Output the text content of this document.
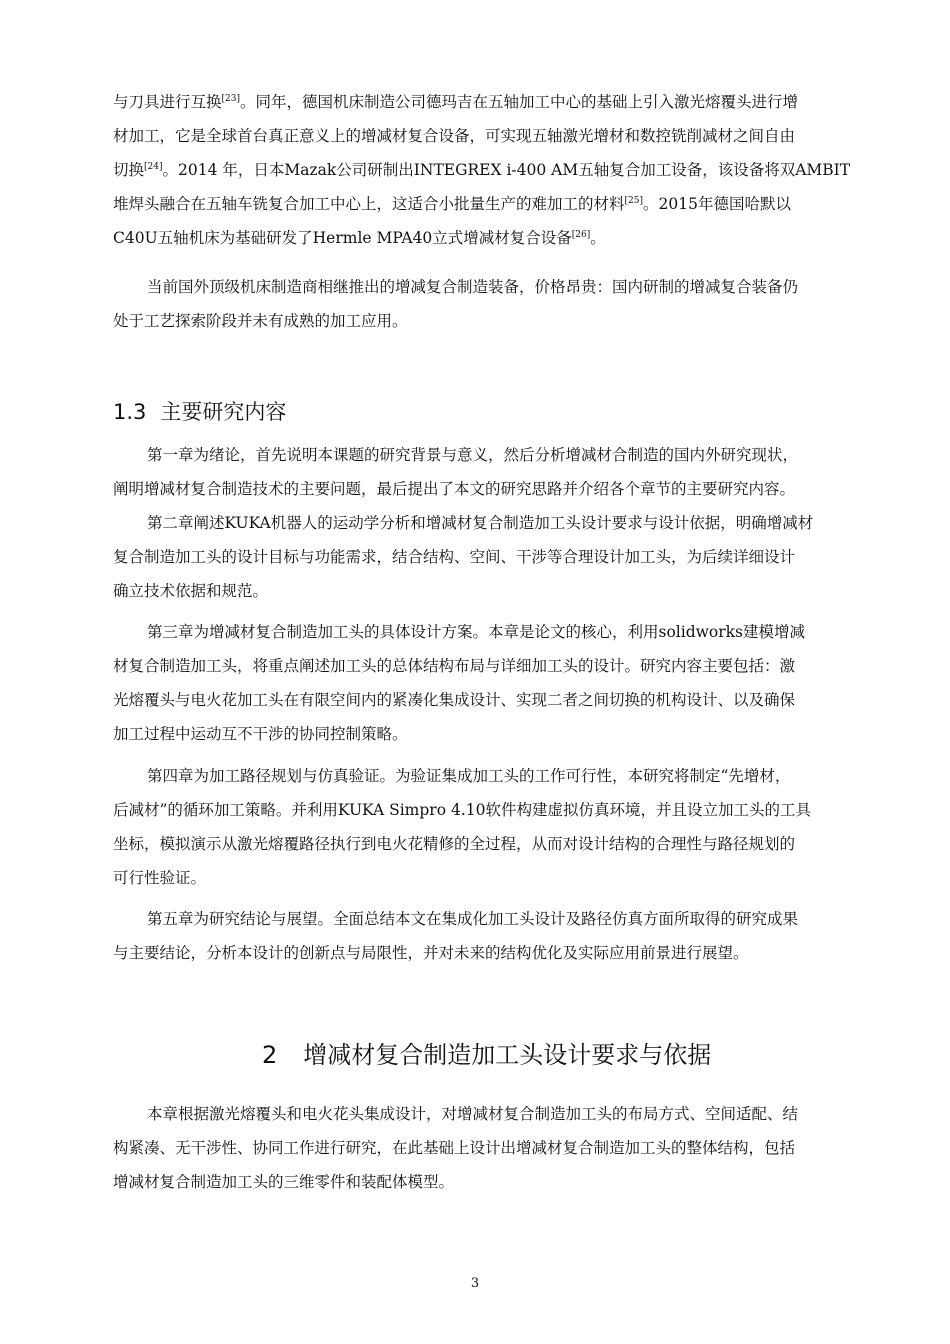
与刀具进行互换[23]。同年，德国机床制造公司德玛吉在五轴加工中心的基础上引入激光熔覆头进行增
材加工，它是全球首台真正意义上的增减材复合设备，可实现五轴激光增材和数控铣削减材之间自由
切换[24]。2014 年，日本Mazak公司研制出INTEGREX i-400 AM五轴复合加工设备，该设备将双AMBIT
堆焊头融合在五轴车铣复合加工中心上，这适合小批量生产的难加工的材料[25]。2015年德国哈默以
C40U五轴机床为基础研发了Hermle MPA40立式增减材复合设备[26]。
当前国外顶级机床制造商相继推出的增减复合制造装备，价格昂贵：国内研制的增减复合装备仍
处于工艺探索阶段并未有成熟的加工应用。
第一章为绪论，首先说明本课题的研究背景与意义，然后分析增减材合制造的国内外研究现状，
阐明增减材复合制造技术的主要问题，最后提出了本文的研究思路并介绍各个章节的主要研究内容。
第二章阐述KUKA机器人的运动学分析和增减材复合制造加工头设计要求与设计依据，明确增减材
复合制造加工头的设计目标与功能需求，结合结构、空间、干涉等合理设计加工头，为后续详细设计
确立技术依据和规范。
第三章为增减材复合制造加工头的具体设计方案。本章是论文的核心，利用solidworks建模增减
材复合制造加工头，将重点阐述加工头的总体结构布局与详细加工头的设计。研究内容主要包括：激
光熔覆头与电火花加工头在有限空间内的紧凑化集成设计、实现二者之间切换的机构设计、以及确保
加工过程中运动互不干涉的协同控制策略。
第四章为加工路径规划与仿真验证。为验证集成加工头的工作可行性，本研究将制定“先增材，
后减材”的循环加工策略。并利用KUKA Simpro 4.10软件构建虚拟仿真环境，并且设立加工头的工具
坐标，模拟演示从激光熔覆路径执行到电火花精修的全过程，从而对设计结构的合理性与路径规划的
可行性验证。
第五章为研究结论与展望。全面总结本文在集成化加工头设计及路径仿真方面所取得的研究成果
与主要结论，分析本设计的创新点与局限性，并对未来的结构优化及实际应用前景进行展望。
本章根据激光熔覆头和电火花头集成设计，对增减材复合制造加工头的布局方式、空间适配、结
构紧凑、无干涉性、协同工作进行研究，在此基础上设计出增减材复合制造加工头的整体结构，包括
增减材复合制造加工头的三维零件和装配体模型。
1.3 主要研究内容
2 增减材复合制造加工头设计要求与依据
3
